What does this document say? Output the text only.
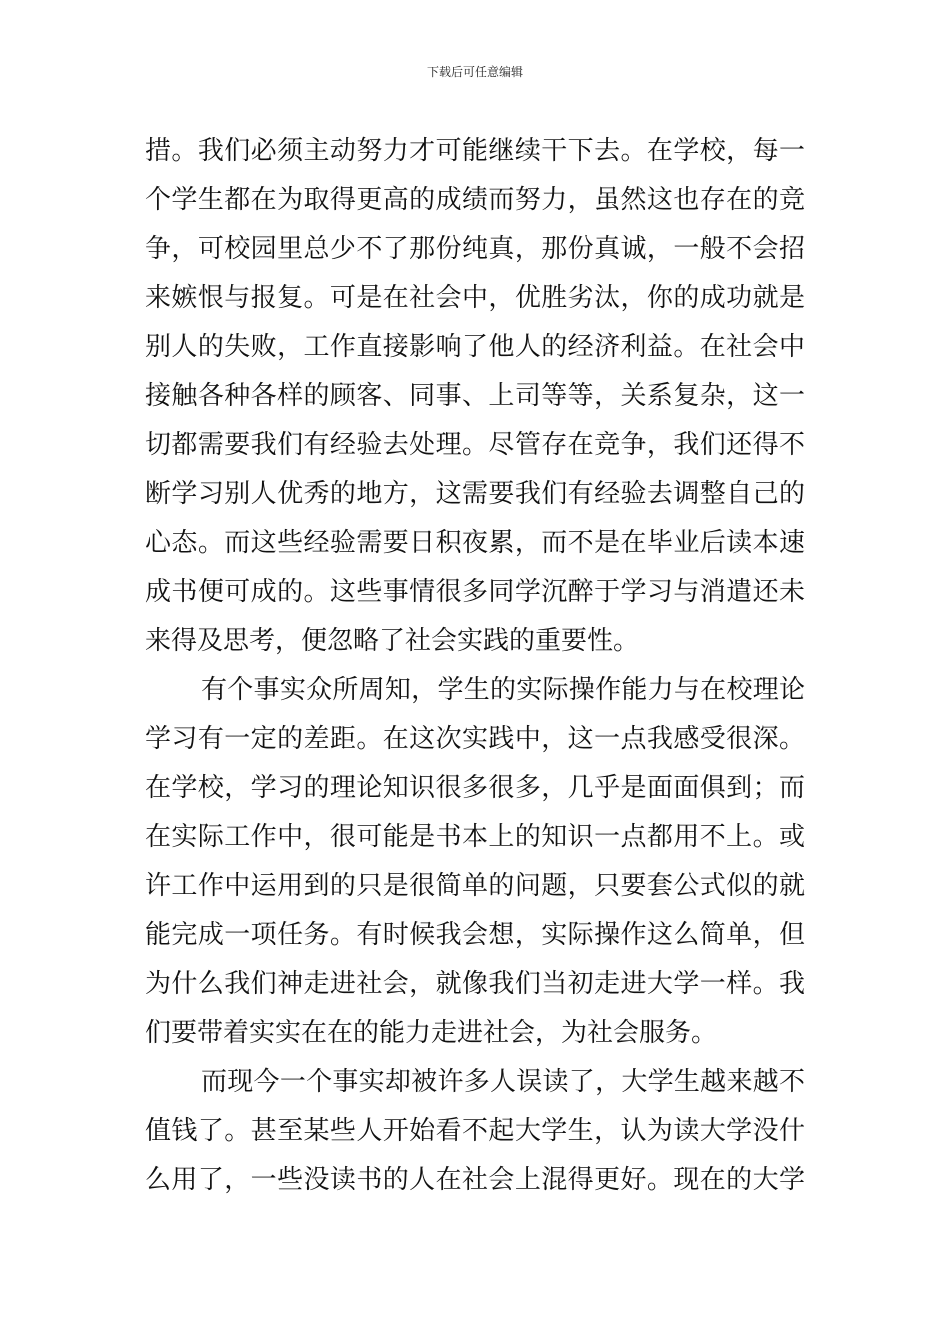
下载后可任意编辑
措。我们必须主动努力才可能继续干下去。在学校，每一
个学生都在为取得更高的成绩而努力，虽然这也存在的竞
争，可校园里总少不了那份纯真，那份真诚，一般不会招
来嫉恨与报复。可是在社会中，优胜劣汰，你的成功就是
别人的失败，工作直接影响了他人的经济利益。在社会中
接触各种各样的顾客、同事、上司等等，关系复杂，这一
切都需要我们有经验去处理。尽管存在竞争，我们还得不
断学习别人优秀的地方，这需要我们有经验去调整自己的
心态。而这些经验需要日积夜累，而不是在毕业后读本速
成书便可成的。这些事情很多同学沉醉于学习与消遣还未
来得及思考，便忽略了社会实践的重要性。
有个事实众所周知，学生的实际操作能力与在校理论
学习有一定的差距。在这次实践中，这一点我感受很深。
在学校，学习的理论知识很多很多，几乎是面面俱到；而
在实际工作中，很可能是书本上的知识一点都用不上。或
许工作中运用到的只是很简单的问题，只要套公式似的就
能完成一项任务。有时候我会想，实际操作这么简单，但
为什么我们神走进社会，就像我们当初走进大学一样。我
们要带着实实在在的能力走进社会，为社会服务。
而现今一个事实却被许多人误读了，大学生越来越不
值钱了。甚至某些人开始看不起大学生，认为读大学没什
么用了，一些没读书的人在社会上混得更好。现在的大学
